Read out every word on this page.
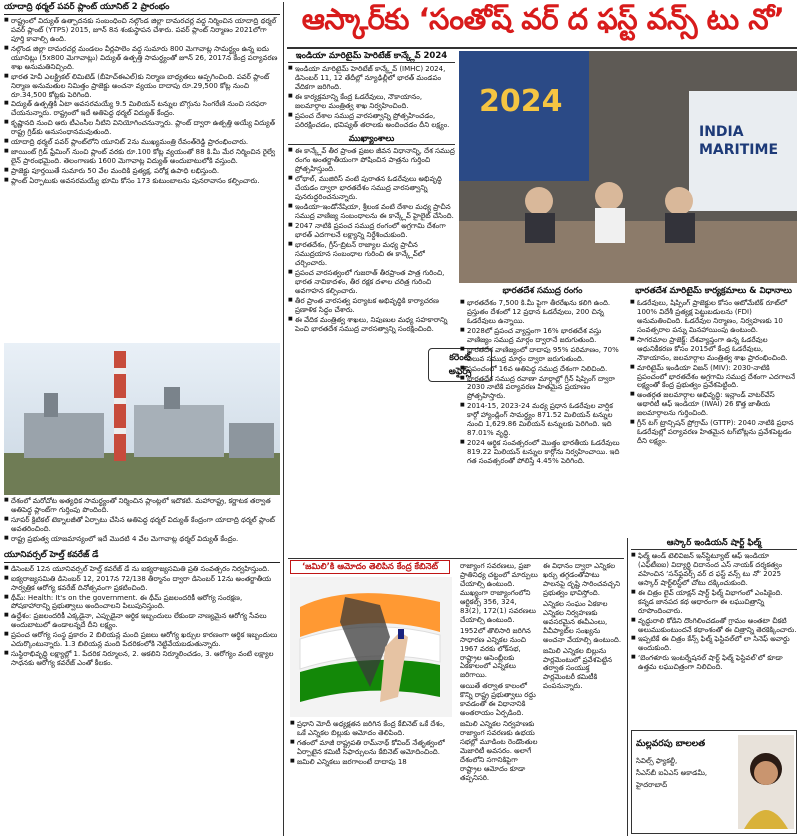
యాదాద్రి థర్మల్ పవర్ ప్లాంట్ యూనిట్ 2 ప్రారంభం
■ రాష్ట్రంలో విద్యుత్ ఉత్పాదనకు సంబంధించి నల్గొండ జిల్లా దామరచర్ల వద్ద నిర్మించిన యాదాద్రి థర్మల్ పవర్ ప్లాంట్ (YTPS) 2015, జూన్ 8న శంకుస్థాపన చేశారు. పవర్ ప్లాంట్ నిర్మాణం 2021లోగా పూర్తి కావాల్సి ఉంది.
■ నల్గొండ జిల్లా దామరచర్ల మండలం వీర్లపాలెం వద్ద సుమారు 800 మెగావాట్ల సామర్థ్యం ఉన్న ఐదు యూనిట్లు (5x800 మెగావాట్లు) విద్యుత్ ఉత్పత్తి సామర్థ్యంతో జూన్ 26, 2017న కేంద్ర పర్యావరణ శాఖ అనుమతినిచ్చింది.
■ భారత హెవీ ఎలక్ట్రికల్ లిమిటెడ్ (బీహెచ్ఈఎల్)కు నిర్మాణ బాధ్యతలు అప్పగించింది. పవర్ ప్లాంట్ నిర్మాణ అనుమతుల నిమిత్తం ప్రాజెక్టు అంచనా వ్యయం దాదాపు రూ.29,500 కోట్ల నుంచి రూ.34,500 కోట్లకు పెరిగింది.
■ విద్యుత్ ఉత్పత్తికి ఏటా అవసరమయ్యే 9.5 మిలియన్ టన్నుల బొగ్గును సింగరేణి నుంచి సరఫరా చేయనున్నారు. రాష్ట్రంలో ఇదే అతిపెద్ద థర్మల్ విద్యుత్ కేంద్రం.
■ కృష్ణానది నుంచి ఆరు టీఎంసీల నీటిని వినియోగించనున్నారు. ప్లాంట్ ద్వారా ఉత్పత్తి అయ్యే విద్యుత్ రాష్ట్ర గ్రిడ్‌కు అనుసంధానమవుతుంది.
■ యాదాద్రి థర్మల్ పవర్ ప్లాంట్‌లోని యూనిట్ 2ను ముఖ్యమంత్రి రేవంత్‌రెడ్డి ప్రారంభించారు.
■ జాయింట్ గ్రిడ్ ఫ్రేమింగ్ నుంచి ప్లాంట్ వరకు రూ.100 కోట్ల వ్యయంతో 88 కి.మీ మేర నిర్మించిన రైల్వే లైన్ ప్రారంభమైంది. తెలంగాణకు 1600 మెగావాట్ల విద్యుత్ అందుబాటులోకి వస్తుంది.
■ ప్రాజెక్టు పూర్తయితే సుమారు 50 వేల మందికి ప్రత్యక్ష, పరోక్ష ఉపాధి లభిస్తుంది.
■ ప్లాంట్ ఏర్పాటుకు అవసరమయ్యే భూమి కోసం 173 కుటుంబాలను పునరావాసం కల్పించారు.
■ దేశంలో మరోచోట అత్యధిక సామర్థ్యంతో నిర్మించిన ప్లాంట్లలో ఇదొకటి. మహారాష్ట్ర, కర్ణాటక తర్వాత అతిపెద్ద ప్లాంట్‌గా గుర్తింపు పొందింది.
■ సూపర్ క్రిటికల్ టెక్నాలజీతో ఏర్పాటు చేసిన అతిపెద్ద థర్మల్ విద్యుత్ కేంద్రంగా యాదాద్రి థర్మల్ ప్లాంట్ అవతరించింది.
■ రాష్ట్ర ప్రభుత్వ యాజమాన్యంలో ఇదే మొదటి 4 వేల మెగావాట్ల థర్మల్ విద్యుత్ కేంద్రం.
యూనివర్సల్ హెల్త్ కవరేజ్ డే
■ డిసెంబర్ 12న యూనివర్సల్ హెల్త్ కవరేజ్ డే ను ఐక్యరాజ్యసమితి ప్రతి సంవత్సరం నిర్వహిస్తుంది.
■ ఐక్యరాజ్యసమితి డిసెంబర్ 12, 2017న 72/138 తీర్మానం ద్వారా డిసెంబర్ 12ను అంతర్జాతీయ సార్వత్రిక ఆరోగ్య కవరేజ్ దినోత్సవంగా ప్రకటించింది.
■ థీమ్: Health: It's on the government. ఈ థీమ్ ప్రజలందరికీ ఆరోగ్య సంరక్షణ, పోషకాహారాన్ని ప్రభుత్వాలు అందించాలని పిలుపునిస్తుంది.
■ ఉద్దేశం: ప్రజలందరికీ ఎక్కడైనా, ఎప్పుడైనా ఆర్థిక ఇబ్బందులు లేకుండా నాణ్యమైన ఆరోగ్య సేవలు అందుబాటులో ఉండాలన్నదే దీని లక్ష్యం.
■ ప్రపంచ ఆరోగ్య సంస్థ ప్రకారం 2 బిలియన్ల మంది ప్రజలు ఆరోగ్య ఖర్చుల కారణంగా ఆర్థిక ఇబ్బందులు ఎదుర్కొంటున్నారు. 1.3 బిలియన్ల మంది పేదరికంలోకి నెట్టివేయబడుతున్నారు.
■ సుస్థిరాభివృద్ధి లక్ష్యాల్లో 1. పేదరిక నిర్మూలన, 2. ఆకలిని నిర్మూలించడం, 3. ఆరోగ్యం వంటి లక్ష్యాల సాధనకు ఆరోగ్య కవరేజ్ ఎంతో కీలకం.
ఆస్కార్‌కు ‘సంతోష్ వర్ ద ఫస్ట్ వన్స్ టు నో’
ఇండియా మారిటైమ్ హెరిటేజ్ కాన్క్లేవ్ 2024
■ ఇండియా మారిటైమ్ హెరిటేజ్ కాన్క్లేవ్ (IMHC) 2024, డిసెంబర్ 11, 12 తేదీల్లో న్యూఢిల్లీలో భారత్ మండపం వేదికగా జరిగింది.
■ ఈ కార్యక్రమాన్ని కేంద్ర ఓడరేవులు, నౌకాయానం, జలమార్గాల మంత్రిత్వ శాఖ నిర్వహించింది.
■ ప్రపంచ దేశాల సముద్ర వారసత్వాన్ని ప్రోత్సహించడం, పరిరక్షించడం, భవిష్యత్ తరాలకు అందించడం దీని లక్ష్యం.
ముఖ్యాంశాలు
■ ఈ కాన్క్లేవ్ తీర ప్రాంత ప్రజల జీవన విధానాన్ని, దేశ సముద్ర రంగం అంతర్జాతీయంగా పోషించిన పాత్రను గుర్తించి ప్రోత్సహిస్తుంది.
■ లోథాల్, ముజిరిస్ వంటి పురాతన ఓడరేవులు అభివృద్ధి చేయడం ద్వారా భారతదేశం సముద్ర వారసత్వాన్ని పునరుద్ధరించనున్నారు.
■ ఇండియా-ఇండోనేషియా, శ్రీలంక వంటి దేశాల మధ్య ప్రాచీన సముద్ర వాణిజ్య సంబంధాలను ఈ కాన్క్లేవ్ హైలైట్ చేసింది.
■ 2047 నాటికి ప్రపంచ సముద్ర రంగంలో అగ్రగామి దేశంగా భారత్ ఎదగాలనే లక్ష్యాన్ని నిర్దేశించుకుంది.
■ భారతదేశం, గ్రీస్-బ్రిటన్ రాజ్యాల మధ్య ప్రాచీన సముద్రయాన సంబంధాల గురించి ఈ కాన్క్లేవ్‌లో చర్చించారు.
■ ప్రపంచ వారసత్వంలో గుజరాత్ తీరప్రాంత పాత్ర గురించి, భారత నావికాదళం, తీర రక్షక దళాల చరిత్ర గురించి అవగాహన కల్పించారు.
■ తీర ప్రాంత వారసత్వ పర్యాటక అభివృద్ధికి కార్యాచరణ ప్రణాళిక సిద్ధం చేశారు.
■ ఈ వేదిక మంత్రిత్వ శాఖలు, నిపుణుల మధ్య సహకారాన్ని పెంచి భారతదేశ సముద్ర వారసత్వాన్ని సంరక్షించింది.
2024
INDIA
MARITIME
కరెంట్
అఫైర్స్
భారతదేశ సముద్ర రంగం
■ భారతదేశం 7,500 కి.మీ పైగా తీరరేఖను కలిగి ఉంది. ప్రస్తుతం దేశంలో 12 ప్రధాన ఓడరేవులు, 200 చిన్న ఓడరేవులు ఉన్నాయి.
■ 2028లో ప్రపంచ వ్యాప్తంగా 16% భారతదేశ వస్తు వాణిజ్యం సముద్ర మార్గం ద్వారానే జరుగుతుంది.
■ భారతదేశ వాణిజ్యంలో దాదాపు 95% పరిమాణం, 70% విలువ సముద్ర మార్గం ద్వారా జరుగుతుంది.
■ ప్రపంచంలో 16వ అతిపెద్ద సముద్ర దేశంగా నిలిచింది.
■ భారతదేశ సముద్ర రవాణా మార్గాల్లో గ్రీన్ షిప్పింగ్ ద్వారా 2030 నాటికి పర్యావరణ హితమైన ప్రయాణం ప్రోత్సహిస్తారు.
■ 2014-15, 2023-24 మధ్య ప్రధాన ఓడరేవుల వార్షిక కార్గో హ్యాండ్లింగ్ సామర్థ్యం 871.52 మిలియన్ టన్నుల నుంచి 1,629.86 మిలియన్ టన్నులకు పెరిగింది. ఇది 87.01% వృద్ధి.
■ 2024 ఆర్థిక సంవత్సరంలో మొత్తం భారతీయ ఓడరేవులు 819.22 మిలియన్ టన్నుల కార్గోను నిర్వహించాయి. ఇది గత సంవత్సరంతో పోలిస్తే 4.45% పెరిగింది.
భారతదేశ మారిటైమ్ కార్యక్రమాలు & విధానాలు
■ ఓడరేవులు, షిప్పింగ్ ప్రాజెక్టుల కోసం ఆటోమేటిక్ రూట్‌లో 100% విదేశీ ప్రత్యక్ష పెట్టుబడులను (FDI) అనుమతించింది. ఓడరేవుల నిర్మాణం, నిర్వహణకు 10 సంవత్సరాల పన్ను మినహాయింపు ఉంటుంది.
■ సాగరమాల ప్రాజెక్ట్: దేశవ్యాప్తంగా ఉన్న ఓడరేవుల ఆధునికీకరణ కోసం 2015లో కేంద్ర ఓడరేవులు, నౌకాయానం, జలమార్గాల మంత్రిత్వ శాఖ ప్రారంభించింది.
■ మారిటైమ్ ఇండియా విజన్ (MIV): 2030-నాటికి ప్రపంచంలో భారతదేశం అగ్రగామి సముద్ర దేశంగా ఎదగాలనే లక్ష్యంతో కేంద్ర ప్రభుత్వం ప్రవేశపెట్టింది.
■ అంతర్గత జలమార్గాల అభివృద్ధి: ఇన్లాండ్ వాటర్‌వేస్ అథారిటీ ఆఫ్ ఇండియా (IWAI) 26 కొత్త జాతీయ జలమార్గాలను గుర్తించింది.
■ గ్రీన్ టగ్ ట్రాన్సిషన్ ప్రోగ్రామ్ (GTTP): 2040 నాటికి ప్రధాన ఓడరేవుల్లో పర్యావరణ హితమైన టగ్‌బోట్లను ప్రవేశపెట్టడం దీని లక్ష్యం.
‘జమిలి’కి ఆమోదం తెలిపిన కేంద్ర కేబినెట్
■ ప్రధాని మోదీ అధ్యక్షతన జరిగిన కేంద్ర కేబినెట్ ఒకే దేశం, ఒకే ఎన్నికల బిల్లుకు ఆమోదం తెలిపింది.
■ గతంలో మాజీ రాష్ట్రపతి రామ్‌నాథ్ కోవింద్ నేతృత్వంలో ఏర్పాటైన కమిటీ సిఫార్సులను కేబినెట్ ఆమోదించింది.
■ జమిలి ఎన్నికలు జరగాలంటే దాదాపు 18

రాజ్యాంగ సవరణలు, ప్రజా ప్రాతినిధ్య చట్టంలో మార్పులు చేయాల్సి ఉంటుంది. ముఖ్యంగా రాజ్యాంగంలోని ఆర్టికల్స్ 356, 324, 83(2), 172(1) సవరణలు చేయాల్సి ఉంటుంది.

1952లో తొలిసారి జరిగిన సాధారణ ఎన్నికల నుంచి 1967 వరకు లోక్‌సభ, రాష్ట్రాల అసెంబ్లీలకు ఏకకాలంలో ఎన్నికలు జరిగాయి.

అయితే తర్వాత కాలంలో కొన్ని రాష్ట్ర ప్రభుత్వాలు రద్దు కావడంతో ఈ విధానానికి అంతరాయం ఏర్పడింది.

జమిలి ఎన్నికల నిర్వహణకు రాజ్యాంగ సవరణకు ఉభయ సభల్లో మూడింట రెండొంతుల మెజారిటీ అవసరం. అలాగే దేశంలోని సగానికిపైగా రాష్ట్రాల ఆమోదం కూడా తప్పనిసరి.

ఈ విధానం ద్వారా ఎన్నికల ఖర్చు తగ్గడంతోపాటు పాలనపై దృష్టి సారించవచ్చని ప్రభుత్వం భావిస్తోంది.

ఎన్నికల సంఘం ఏకకాల ఎన్నికల నిర్వహణకు అవసరమైన ఈవీఎంలు, వీవీప్యాట్‌ల సంఖ్యను అంచనా వేయాల్సి ఉంటుంది.

జమిలి ఎన్నికల బిల్లును పార్లమెంటులో ప్రవేశపెట్టిన తర్వాత సంయుక్త పార్లమెంటరీ కమిటీకి పంపనున్నారు.

ఆస్కార్ ఇండియన్ షార్ట్ ఫిల్మ్
■ ఫిల్మ్ అండ్ టెలివిజన్ ఇన్‌స్టిట్యూట్ ఆఫ్ ఇండియా (ఎఫ్‌టీఐఐ) విద్యార్థి చిదానంద ఎస్ నాయక్ దర్శకత్వం వహించిన ‘సన్‌ఫ్లవర్స్ వర్ ద ఫస్ట్ వన్స్ టు నో’ 2025 ఆస్కార్ షార్ట్‌లిస్ట్‌లో చోటు దక్కించుకుంది.
■ ఈ చిత్రం లైవ్ యాక్షన్ షార్ట్ ఫిల్మ్ విభాగంలో ఎంపికైంది. కన్నడ జానపద కథ ఆధారంగా ఈ లఘుచిత్రాన్ని రూపొందించారు.
■ వృద్ధురాలి కోడిని దొంగిలించడంతో గ్రామం అంతటా చీకటి అలుముకుంటుందనే కథాంశంతో ఈ చిత్రాన్ని తెరకెక్కించారు.
■ ఇప్పటికే ఈ చిత్రం కేన్స్ ఫిల్మ్ ఫెస్టివల్‌లో లా సినెఫ్ అవార్డు అందుకుంది.
■ ‘బెంగళూరు ఇంటర్నేషనల్ షార్ట్ ఫిల్మ్ ఫెస్టివల్’లో కూడా ఉత్తమ లఘుచిత్రంగా నిలిచింది.
మల్లవరపు బాలలత
సివిల్స్ ఫ్యాకల్టీ,
సీఎస్‌బీ ఐఏఎస్ అకాడమీ,
హైదరాబాద్
